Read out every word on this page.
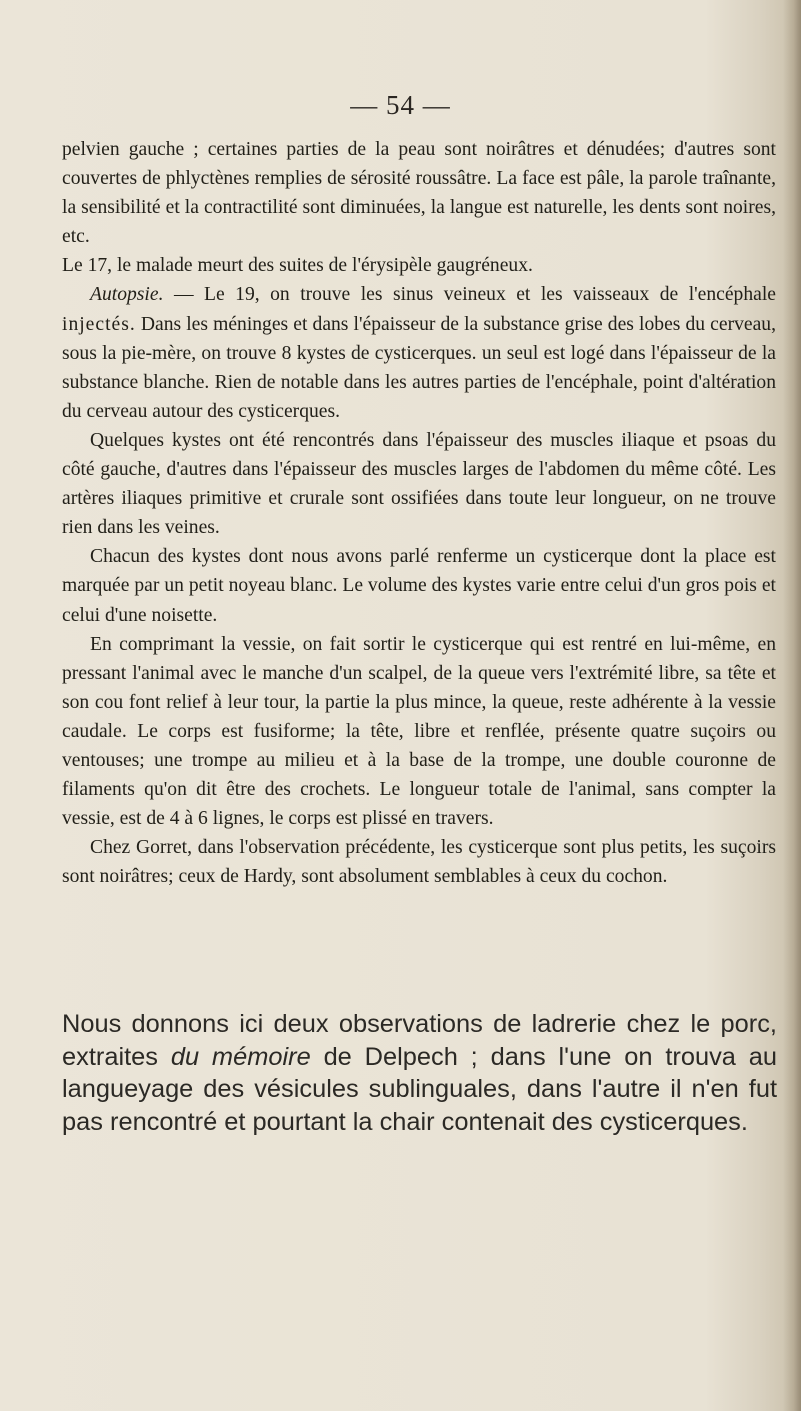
— 54 —

pelvien gauche ; certaines parties de la peau sont noirâtres et dénudées; d'autres sont couvertes de phlyctènes remplies de sérosité roussâtre. La face est pâle, la parole traînante, la sensibilité et la contractilité sont diminuées, la langue est naturelle, les dents sont noires, etc.

Le 17, le malade meurt des suites de l'érysipèle gaugréneux.

Autopsie. — Le 19, on trouve les sinus veineux et les vaisseaux de l'encéphale injectés. Dans les méninges et dans l'épaisseur de la substance grise des lobes du cerveau, sous la pie-mère, on trouve 8 kystes de cysticerques. un seul est logé dans l'épaisseur de la substance blanche. Rien de notable dans les autres parties de l'encéphale, point d'altération du cerveau autour des cysticerques.

Quelques kystes ont été rencontrés dans l'épaisseur des muscles iliaque et psoas du côté gauche, d'autres dans l'épaisseur des muscles larges de l'abdomen du même côté. Les artères iliaques primitive et crurale sont ossifiées dans toute leur longueur, on ne trouve rien dans les veines.

Chacun des kystes dont nous avons parlé renferme un cysticerque dont la place est marquée par un petit noyeau blanc. Le volume des kystes varie entre celui d'un gros pois et celui d'une noisette.

En comprimant la vessie, on fait sortir le cysticerque qui est rentré en lui-même, en pressant l'animal avec le manche d'un scalpel, de la queue vers l'extrémité libre, sa tête et son cou font relief à leur tour, la partie la plus mince, la queue, reste adhérente à la vessie caudale. Le corps est fusiforme; la tête, libre et renflée, présente quatre suçoirs ou ventouses; une trompe au milieu et à la base de la trompe, une double couronne de filaments qu'on dit être des crochets. Le longueur totale de l'animal, sans compter la vessie, est de 4 à 6 lignes, le corps est plissé en travers.

Chez Gorret, dans l'observation précédente, les cysticerque sont plus petits, les suçoirs sont noirâtres; ceux de Hardy, sont absolument semblables à ceux du cochon.

Nous donnons ici deux observations de ladrerie chez le porc, extraites du mémoire de Delpech ; dans l'une on trouva au langueyage des vésicules sublinguales, dans l'autre il n'en fut pas rencontré et pourtant la chair contenait des cysticerques.
